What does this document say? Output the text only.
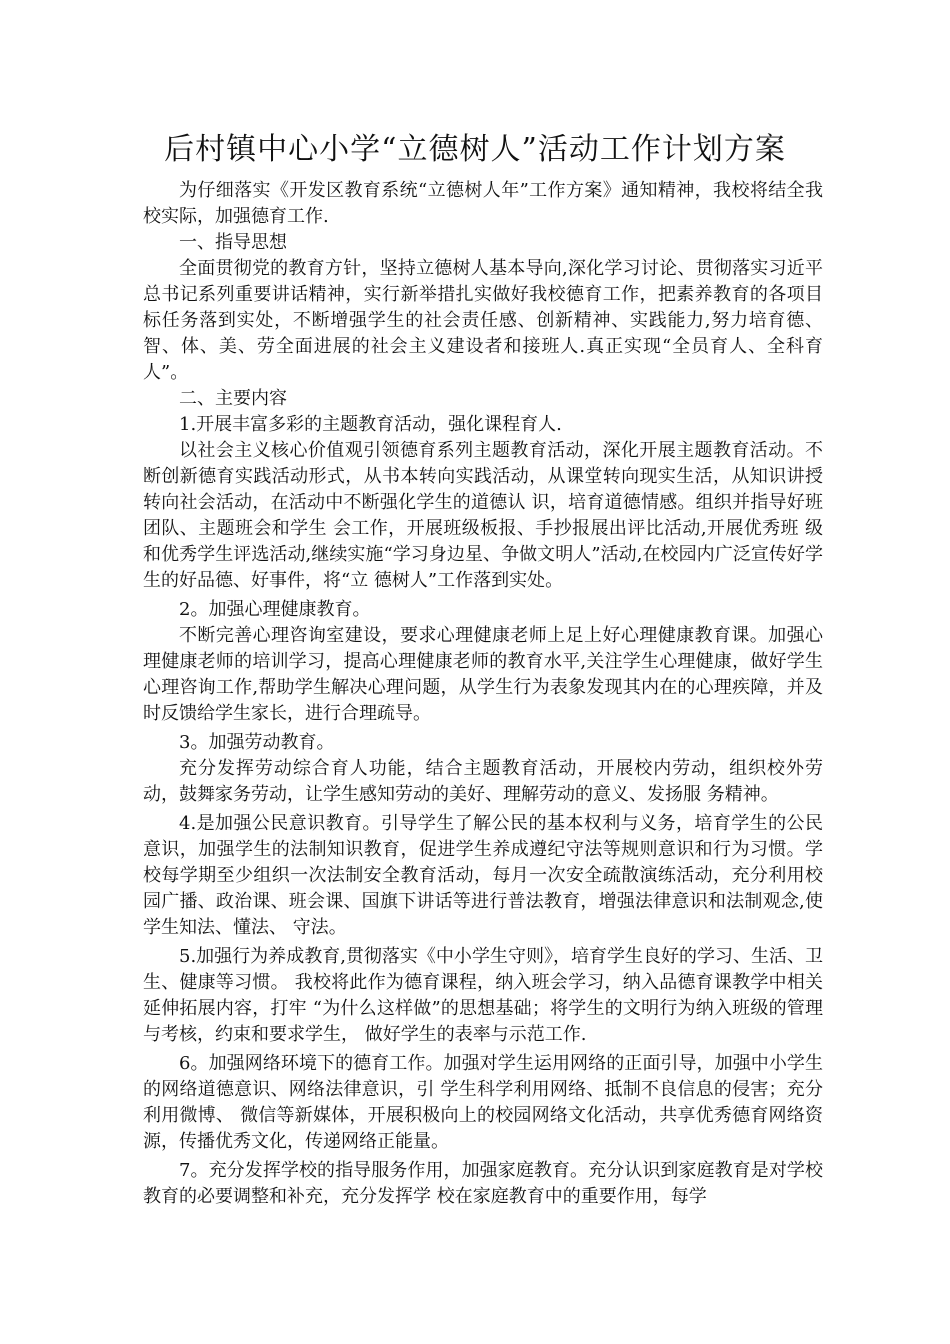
后村镇中心小学“立德树人”活动工作计划方案

为仔细落实《开发区教育系统“立德树人年”工作方案》通知精神，我校将结全我校实际，加强德育工作.

一、指导思想

全面贯彻党的教育方针，坚持立德树人基本导向,深化学习讨论、贯彻落实习近平总书记系列重要讲话精神，实行新举措扎实做好我校德育工作，把素养教育的各项目标任务落到实处，不断增强学生的社会责任感、创新精神、实践能力,努力培育德、智、体、美、劳全面进展的社会主义建设者和接班人.真正实现“全员育人、全科育人”。

二、主要内容

1.开展丰富多彩的主题教育活动，强化课程育人.

以社会主义核心价值观引领德育系列主题教育活动，深化开展主题教育活动。不断创新德育实践活动形式，从书本转向实践活动，从课堂转向现实生活，从知识讲授转向社会活动，在活动中不断强化学生的道德认 识，培育道德情感。组织并指导好班团队、主题班会和学生 会工作，开展班级板报、手抄报展出评比活动,开展优秀班 级和优秀学生评选活动,继续实施“学习身边星、争做文明人”活动,在校园内广泛宣传好学生的好品德、好事件，将“立 德树人”工作落到实处。

2。加强心理健康教育。

不断完善心理咨询室建设，要求心理健康老师上足上好心理健康教育课。加强心理健康老师的培训学习，提高心理健康老师的教育水平,关注学生心理健康，做好学生心理咨询工作,帮助学生解决心理问题，从学生行为表象发现其内在的心理疾障，并及时反馈给学生家长，进行合理疏导。

3。加强劳动教育。

充分发挥劳动综合育人功能，结合主题教育活动，开展校内劳动，组织校外劳动，鼓舞家务劳动，让学生感知劳动的美好、理解劳动的意义、发扬服 务精神。

4.是加强公民意识教育。引导学生了解公民的基本权利与义务，培育学生的公民意识，加强学生的法制知识教育，促进学生养成遵纪守法等规则意识和行为习惯。学校每学期至少组织一次法制安全教育活动，每月一次安全疏散演练活动，充分利用校园广播、政治课、班会课、国旗下讲话等进行普法教育，增强法律意识和法制观念,使学生知法、懂法、 守法。

5.加强行为养成教育,贯彻落实《中小学生守则》，培育学生良好的学习、生活、卫生、健康等习惯。 我校将此作为德育课程，纳入班会学习，纳入品德育课教学中相关延伸拓展内容，打牢 “为什么这样做”的思想基础；将学生的文明行为纳入班级的管理与考核，约束和要求学生， 做好学生的表率与示范工作.

6。加强网络环境下的德育工作。加强对学生运用网络的正面引导，加强中小学生的网络道德意识、网络法律意识，引 学生科学利用网络、抵制不良信息的侵害；充分利用微博、 微信等新媒体，开展积极向上的校园网络文化活动，共享优秀德育网络资源，传播优秀文化，传递网络正能量。

7。充分发挥学校的指导服务作用，加强家庭教育。充分认识到家庭教育是对学校教育的必要调整和补充，充分发挥学 校在家庭教育中的重要作用，每学
